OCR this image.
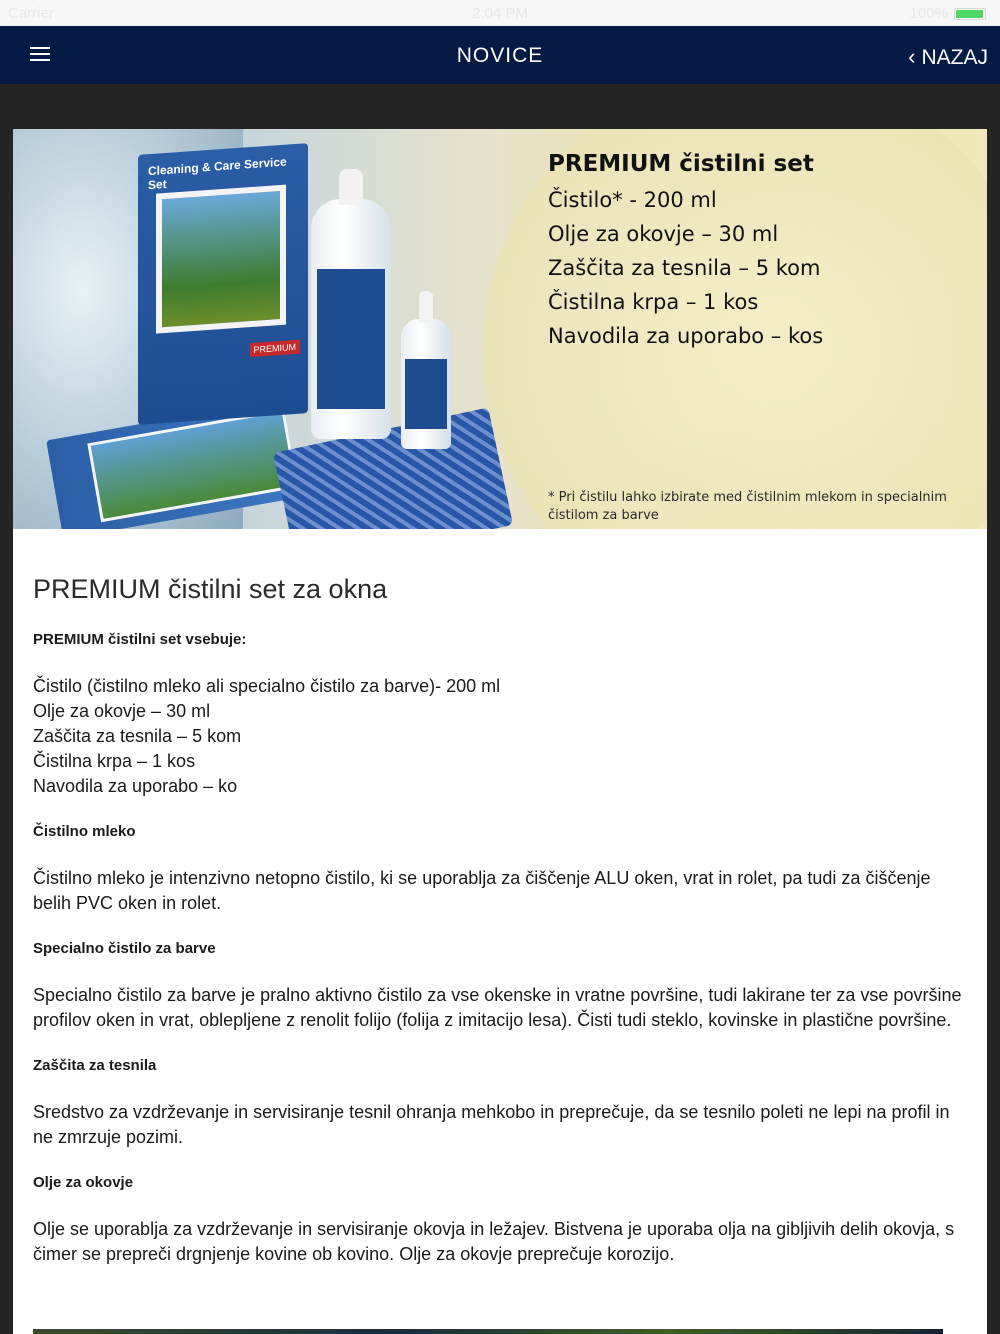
Carrier	2:04 PM	100%
NOVICE	‹ NAZAJ
Cleaning & Care Service Set
PREMIUM
PREMIUM čistilni set
Čistilo* - 200 ml
Olje za okovje – 30 ml
Zaščita za tesnila – 5 kom
Čistilna krpa – 1 kos
Navodila za uporabo – kos
* Pri čistilu lahko izbirate med čistilnim mlekom in specialnim čistilom za barve
PREMIUM čistilni set za okna
PREMIUM čistilni set vsebuje:
Čistilo (čistilno mleko ali specialno čistilo za barve)- 200 ml
Olje za okovje – 30 ml
Zaščita za tesnila – 5 kom
Čistilna krpa – 1 kos
Navodila za uporabo – ko
Čistilno mleko

Čistilno mleko je intenzivno netopno čistilo, ki se uporablja za čiščenje ALU oken, vrat in rolet, pa tudi za čiščenje belih PVC oken in rolet.

Specialno čistilo za barve

Specialno čistilo za barve je pralno aktivno čistilo za vse okenske in vratne površine, tudi lakirane ter za vse površine profilov oken in vrat, oblepljene z renolit folijo (folija z imitacijo lesa). Čisti tudi steklo, kovinske in plastične površine.

Zaščita za tesnila

Sredstvo za vzdrževanje in servisiranje tesnil ohranja mehkobo in preprečuje, da se tesnilo poleti ne lepi na profil in ne zmrzuje pozimi.

Olje za okovje

Olje se uporablja za vzdrževanje in servisiranje okovja in ležajev. Bistvena je uporaba olja na gibljivih delih okovja, s čimer se prepreči drgnjenje kovine ob kovino. Olje za okovje preprečuje korozijo.
